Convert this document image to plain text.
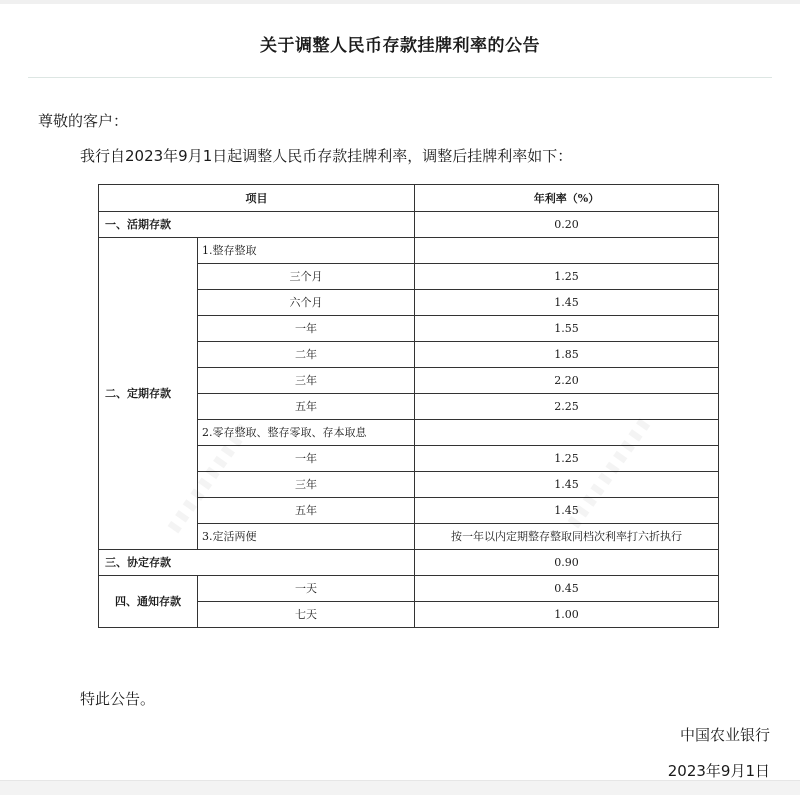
关于调整人民币存款挂牌利率的公告
尊敬的客户：
我行自2023年9月1日起调整人民币存款挂牌利率，调整后挂牌利率如下：
项目		年利率（%）
一、活期存款		0.20
二、定期存款	1.整存整取	
	三个月	1.25
	六个月	1.45
	一年	1.55
	二年	1.85
	三年	2.20
	五年	2.25
	2.零存整取、整存零取、存本取息	
	一年	1.25
	三年	1.45
	五年	1.45
	3.定活两便	按一年以内定期整存整取同档次利率打六折执行
三、协定存款		0.90
四、通知存款	一天	0.45
	七天	1.00
特此公告。
中国农业银行
2023年9月1日
